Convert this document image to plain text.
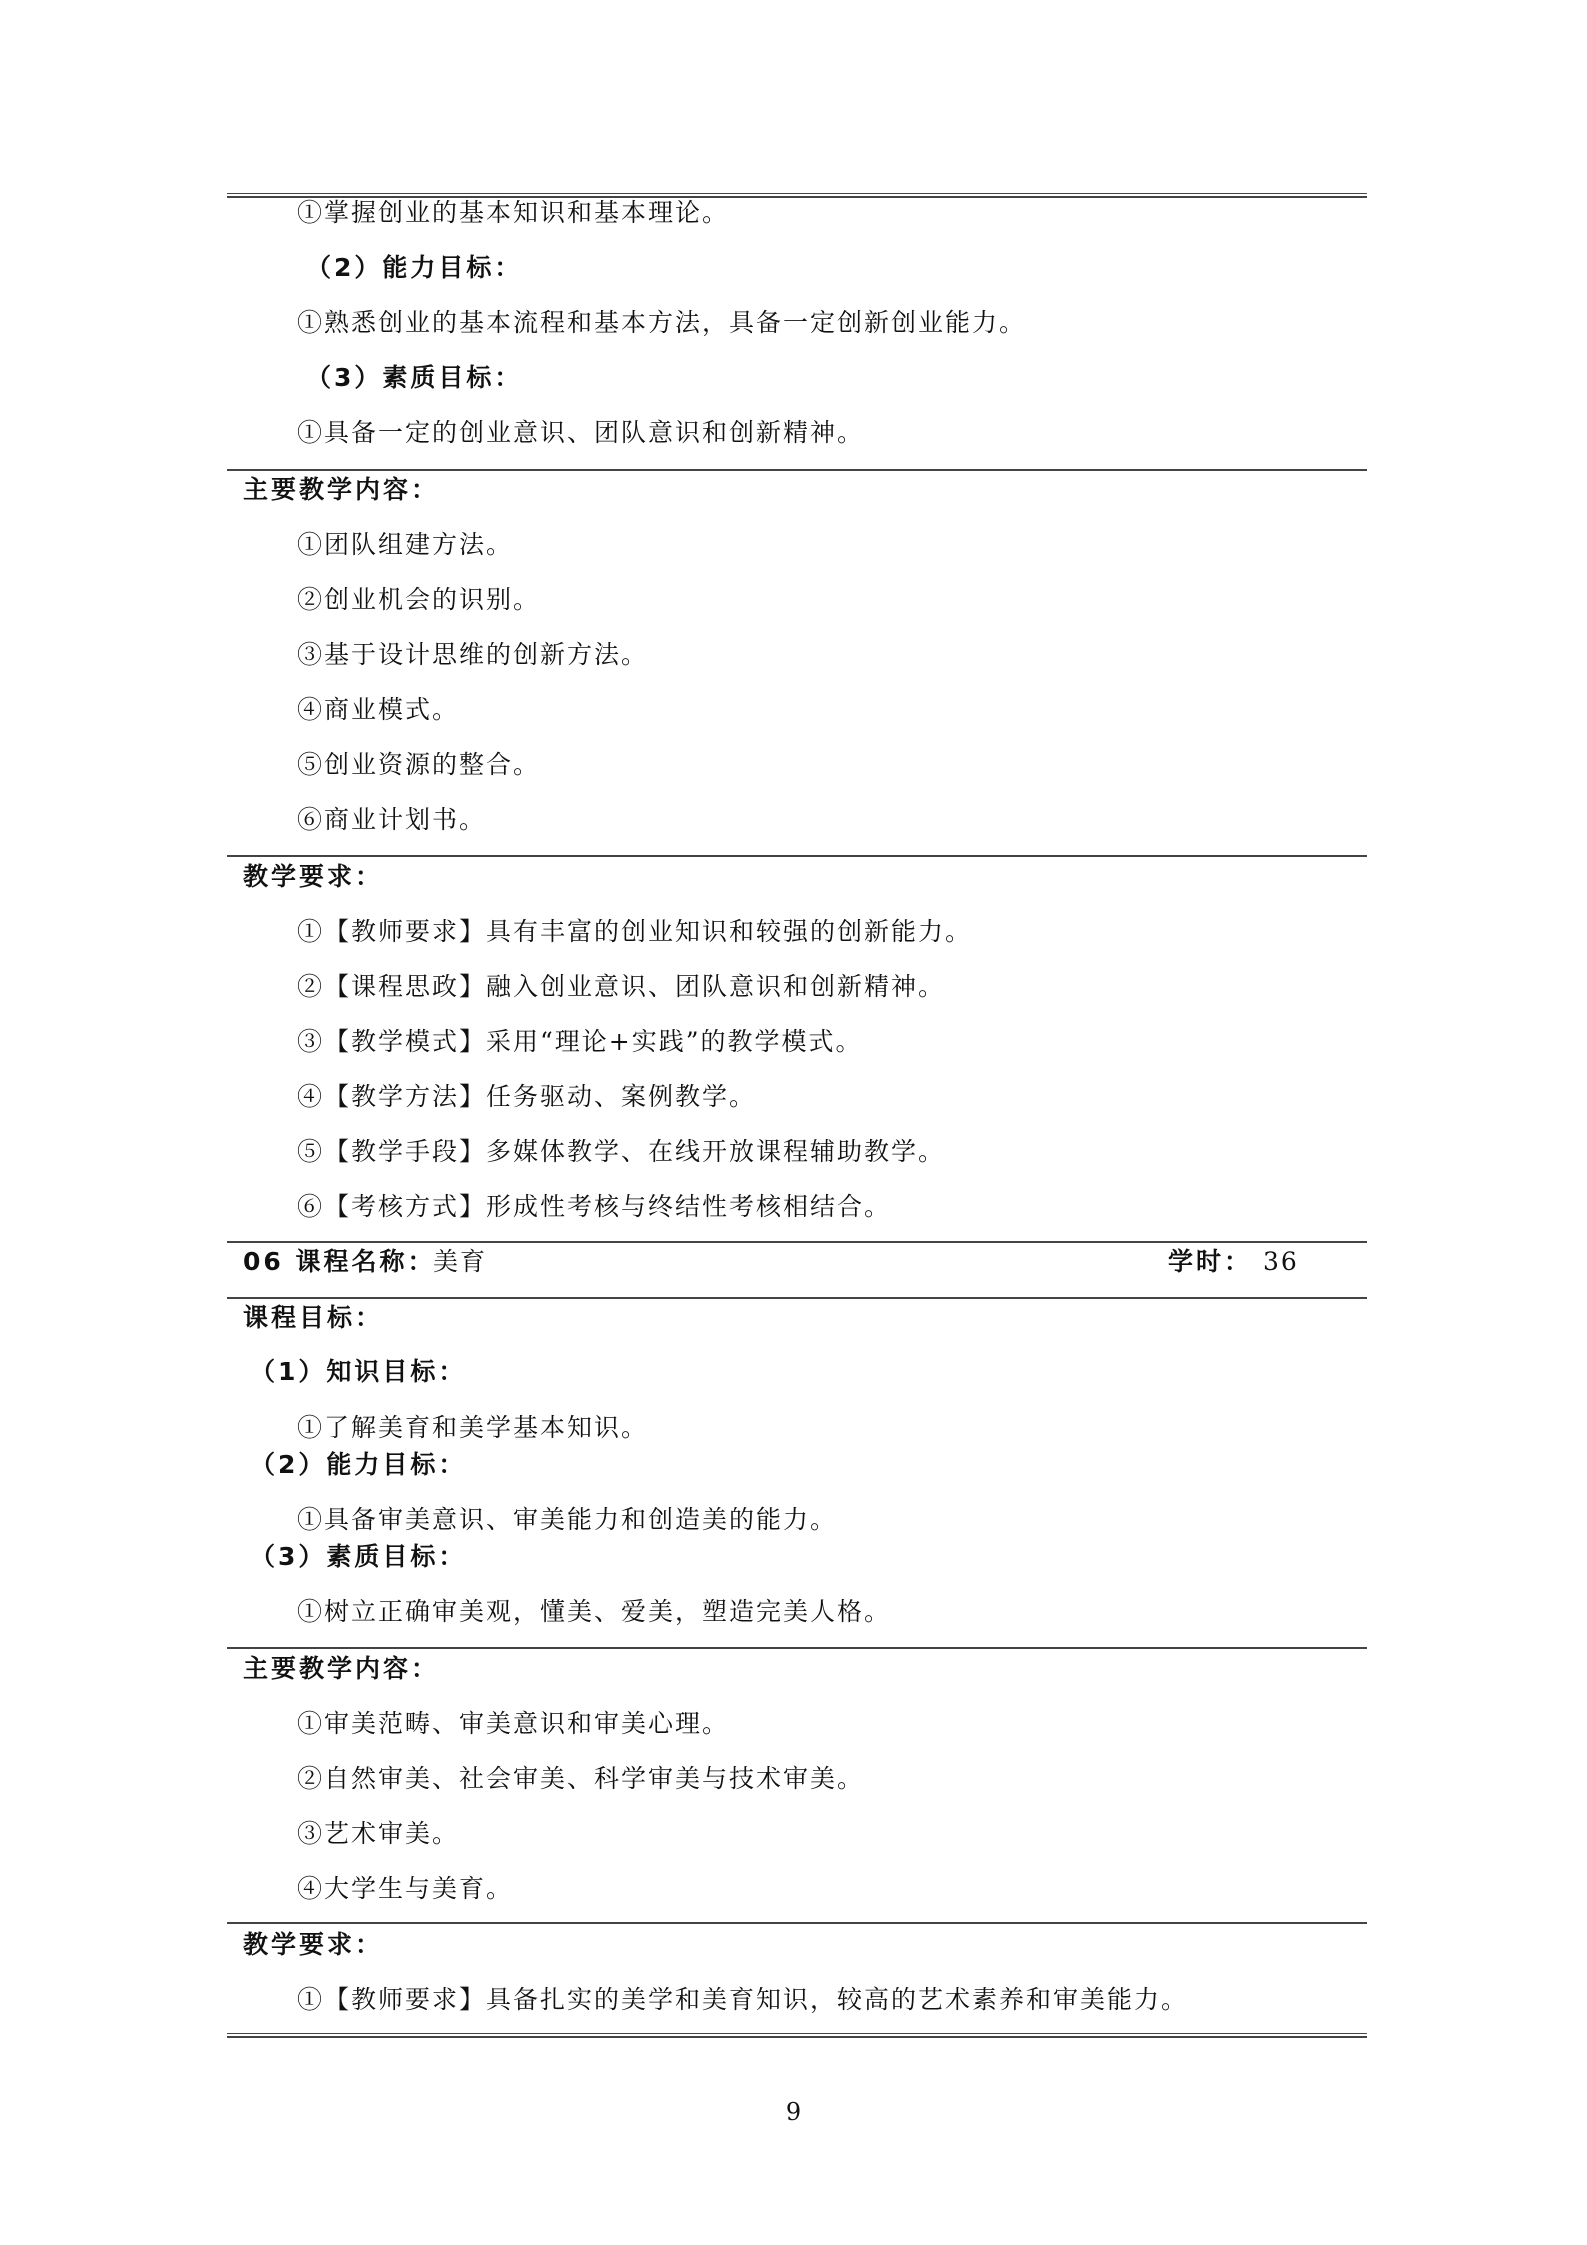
①掌握创业的基本知识和基本理论。
（2）能力目标：
①熟悉创业的基本流程和基本方法，具备一定创新创业能力。
（3）素质目标：
①具备一定的创业意识、团队意识和创新精神。
主要教学内容：
①团队组建方法。
②创业机会的识别。
③基于设计思维的创新方法。
④商业模式。
⑤创业资源的整合。
⑥商业计划书。
教学要求：
①【教师要求】具有丰富的创业知识和较强的创新能力。
②【课程思政】融入创业意识、团队意识和创新精神。
③【教学模式】采用“理论+实践”的教学模式。
④【教学方法】任务驱动、案例教学。
⑤【教学手段】多媒体教学、在线开放课程辅助教学。
⑥【考核方式】形成性考核与终结性考核相结合。
06 课程名称：
美育	学时： 36
课程目标：
（1）知识目标：
①了解美育和美学基本知识。
（2）能力目标：
①具备审美意识、审美能力和创造美的能力。
（3）素质目标：
①树立正确审美观，懂美、爱美，塑造完美人格。
主要教学内容：
①审美范畴、审美意识和审美心理。
②自然审美、社会审美、科学审美与技术审美。
③艺术审美。
④大学生与美育。
教学要求：
①【教师要求】具备扎实的美学和美育知识，较高的艺术素养和审美能力。
9
